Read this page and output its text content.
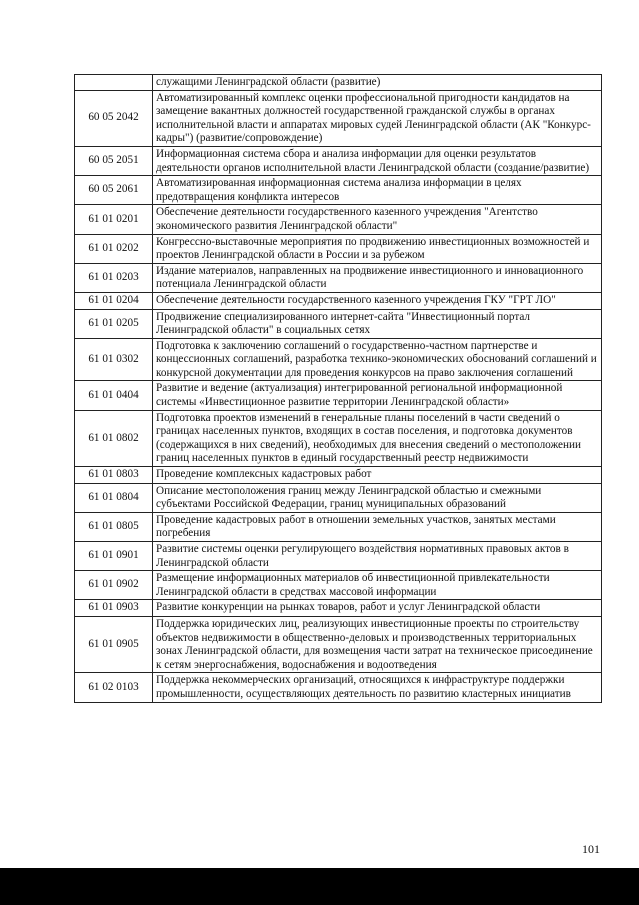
	служащими Ленинградской области (развитие)
60 05 2042	Автоматизированный комплекс оценки профессиональной пригодности кандидатов на замещение вакантных должностей государственной гражданской службы в органах исполнительной власти и аппаратах мировых судей Ленинградской области (АК "Конкурс-кадры") (развитие/сопровождение)
60 05 2051	Информационная система сбора и анализа информации для оценки результатов деятельности органов исполнительной власти Ленинградской области (создание/развитие)
60 05 2061	Автоматизированная информационная система анализа информации в целях предотвращения конфликта интересов
61 01 0201	Обеспечение деятельности государственного казенного учреждения "Агентство экономического развития Ленинградской области"
61 01 0202	Конгрессно-выставочные мероприятия по продвижению инвестиционных возможностей и проектов Ленинградской области в России и за рубежом
61 01 0203	Издание материалов, направленных на продвижение инвестиционного и инновационного потенциала Ленинградской области
61 01 0204	Обеспечение деятельности государственного казенного учреждения ГКУ "ГРТ ЛО"
61 01 0205	Продвижение специализированного интернет-сайта "Инвестиционный портал Ленинградской области" в социальных сетях
61 01 0302	Подготовка к заключению соглашений о государственно-частном партнерстве и концессионных соглашений, разработка технико-экономических обоснований соглашений и конкурсной документации для проведения конкурсов на право заключения соглашений
61 01 0404	Развитие и ведение (актуализация) интегрированной региональной информационной системы «Инвестиционное развитие территории Ленинградской области»
61 01 0802	Подготовка проектов изменений в генеральные планы поселений в части сведений о границах населенных пунктов, входящих в состав поселения, и подготовка документов (содержащихся в них сведений), необходимых для внесения сведений о местоположении границ населенных пунктов в единый государственный реестр недвижимости
61 01 0803	Проведение комплексных кадастровых работ
61 01 0804	Описание местоположения границ между Ленинградской областью и смежными субъектами Российской Федерации, границ муниципальных образований
61 01 0805	Проведение кадастровых работ в отношении земельных участков, занятых местами погребения
61 01 0901	Развитие системы оценки регулирующего воздействия нормативных правовых актов в Ленинградской области
61 01 0902	Размещение информационных материалов об инвестиционной привлекательности Ленинградской области в средствах массовой информации
61 01 0903	Развитие конкуренции на рынках товаров, работ и услуг Ленинградской области
61 01 0905	Поддержка юридических лиц, реализующих инвестиционные проекты по строительству объектов недвижимости в общественно-деловых и производственных территориальных зонах Ленинградской области, для возмещения части затрат на техническое присоединение к сетям энергоснабжения, водоснабжения и водоотведения
61 02 0103	Поддержка некоммерческих организаций, относящихся к инфраструктуре поддержки промышленности, осуществляющих деятельность по развитию кластерных инициатив
101
